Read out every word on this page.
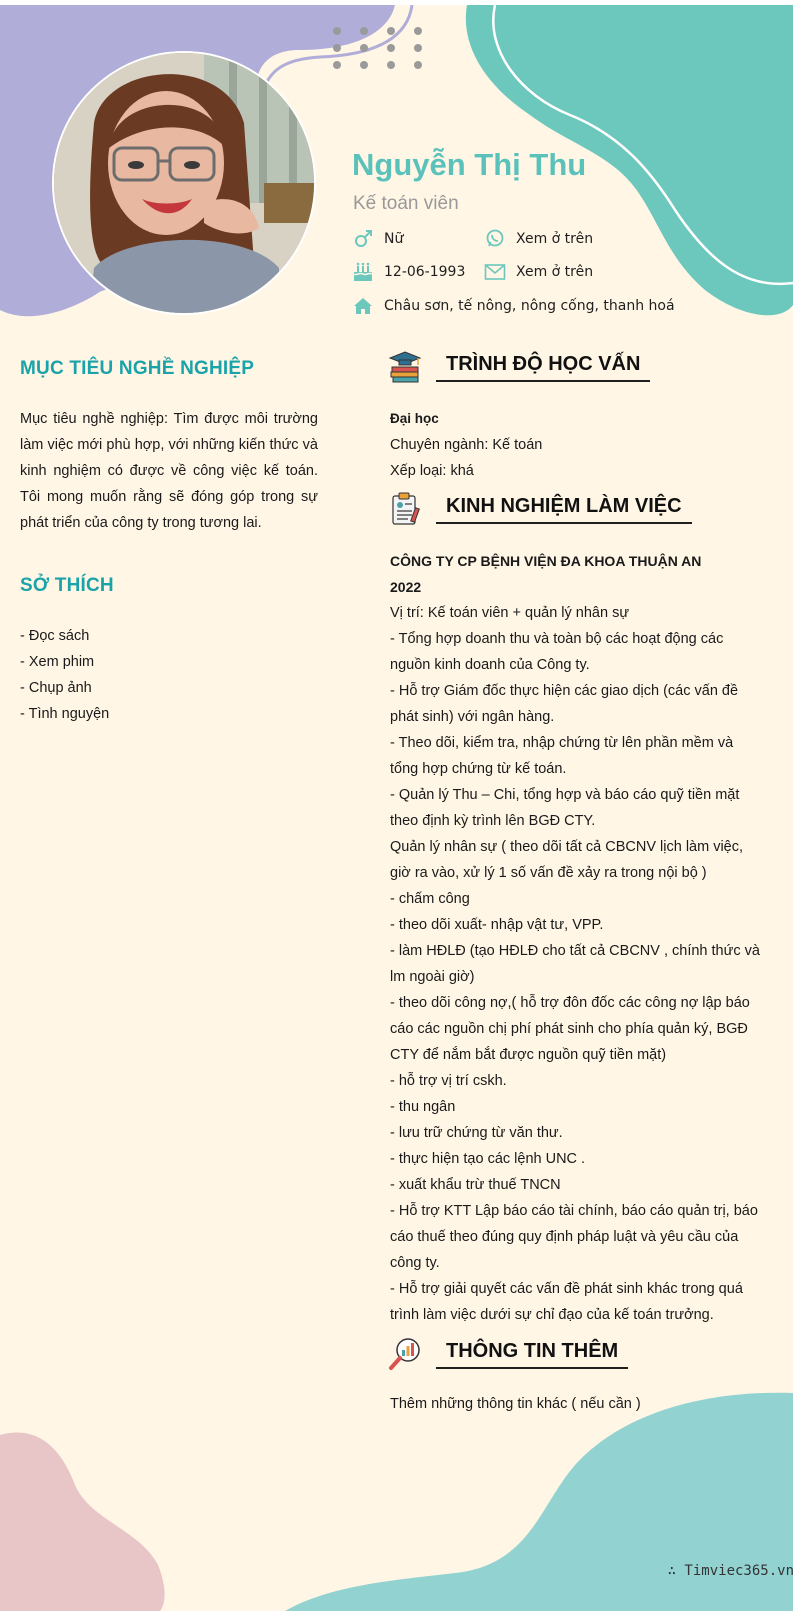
Nguyễn Thị Thu
Kế toán viên
Nữ	Xem ở trên
12-06-1993	Xem ở trên
Châu sơn, tế nông, nông cống, thanh hoá
MỤC TIÊU NGHỀ NGHIỆP

Mục tiêu nghề nghiệp: Tìm được môi trường làm việc mới phù hợp, với những kiến thức và kinh nghiệm có được về công việc kế toán. Tôi mong muốn rằng sẽ đóng góp trong sự phát triển của công ty trong tương lai.

SỞ THÍCH
- Đọc sách
- Xem phim
- Chụp ảnh
- Tình nguyện
TRÌNH ĐỘ HỌC VẤN

Đại học

Chuyên ngành: Kế toán

Xếp loại: khá

KINH NGHIỆM LÀM VIỆC

CÔNG TY CP BỆNH VIỆN ĐA KHOA THUẬN AN

2022

Vị trí: Kế toán viên + quản lý nhân sự

- Tổng hợp doanh thu và toàn bộ các hoạt động các nguồn kinh doanh của Công ty.

- Hỗ trợ Giám đốc thực hiện các giao dịch (các vấn đề phát sinh) với ngân hàng.

- Theo dõi, kiểm tra, nhập chứng từ lên phần mềm và tổng hợp chứng từ kế toán.

- Quản lý Thu – Chi, tổng hợp và báo cáo quỹ tiền mặt theo định kỳ trình lên BGĐ CTY.

Quản lý nhân sự ( theo dõi tất cả CBCNV lịch làm việc, giờ ra vào, xử lý 1 số vấn đề xảy ra trong nội bộ )

- chấm công

- theo dõi xuất- nhập vật tư, VPP.

- làm HĐLĐ (tạo HĐLĐ cho tất cả CBCNV , chính thức và lm ngoài giờ)

- theo dõi công nợ,( hỗ trợ đôn đốc các công nợ lập báo cáo các nguồn chị phí phát sinh cho phía quản ký, BGĐ CTY để nắm bắt được nguồn quỹ tiền mặt)

- hỗ trợ vị trí cskh.

- thu ngân

- lưu trữ chứng từ văn thư.

- thực hiện tạo các lệnh UNC .

- xuất khẩu trừ thuế TNCN

- Hỗ trợ KTT Lập báo cáo tài chính, báo cáo quản trị, báo cáo thuế theo đúng quy định pháp luật và yêu cầu của công ty.

- Hỗ trợ giải quyết các vấn đề phát sinh khác trong quá trình làm việc dưới sự chỉ đạo của kế toán trưởng.

THÔNG TIN THÊM

Thêm những thông tin khác ( nếu cần )

∴ Timviec365.vn
